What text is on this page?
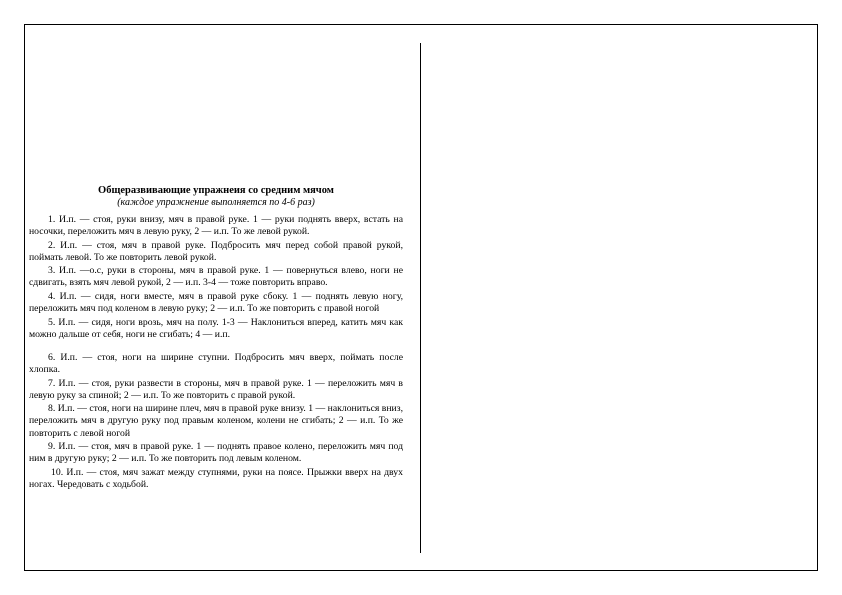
Общеразвивающие упражнеия со средним мячом
(каждое упражнение выполняется по 4-6 раз)

1. И.п. — стоя, руки внизу, мяч в правой руке. 1 — руки поднять вверх, встать на носочки, переложить мяч в левую руку, 2 — и.п. То же левой рукой.

2. И.п. — стоя, мяч в правой руке. Подбросить мяч перед собой правой рукой, поймать левой. То же повторить левой рукой.

3. И.п. —о.с, руки в стороны, мяч в правой руке. 1 — повернуться влево, ноги не сдвигать, взять мяч левой рукой, 2 — и.п. 3-4 — тоже повторить вправо.

4. И.п. — сидя, ноги вместе, мяч в правой руке сбоку. 1 — поднять левую ногу, переложить мяч под коленом в левую руку; 2 — и.п. То же повторить с правой ногой

5. И.п. — сидя, ноги врозь, мяч на полу. 1-3 — Наклониться вперед, катить мяч как можно дальше от себя, ноги не сгибать; 4 — и.п.

6. И.п. — стоя, ноги на ширине ступни. Подбросить мяч вверх, поймать после хлопка.

7. И.п. — стоя, руки развести в стороны, мяч в правой руке. 1 — переложить мяч в левую руку за спиной; 2 — и.п. То же повторить с правой рукой.

8. И.п. — стоя, ноги на ширине плеч, мяч в правой руке внизу. 1 — наклониться вниз, переложить мяч в другую руку под правым коленом, колени не сгибать; 2 — и.п. То же повторить с левой ногой

9. И.п. — стоя, мяч в правой руке. 1 — поднять правое колено, переложить мяч под ним в другую руку; 2 — и.п. То же повторить под левым коленом.

10. И.п. — стоя, мяч зажат между ступнями, руки на поясе. Прыжки вверх на двух ногах. Чередовать с ходьбой.
